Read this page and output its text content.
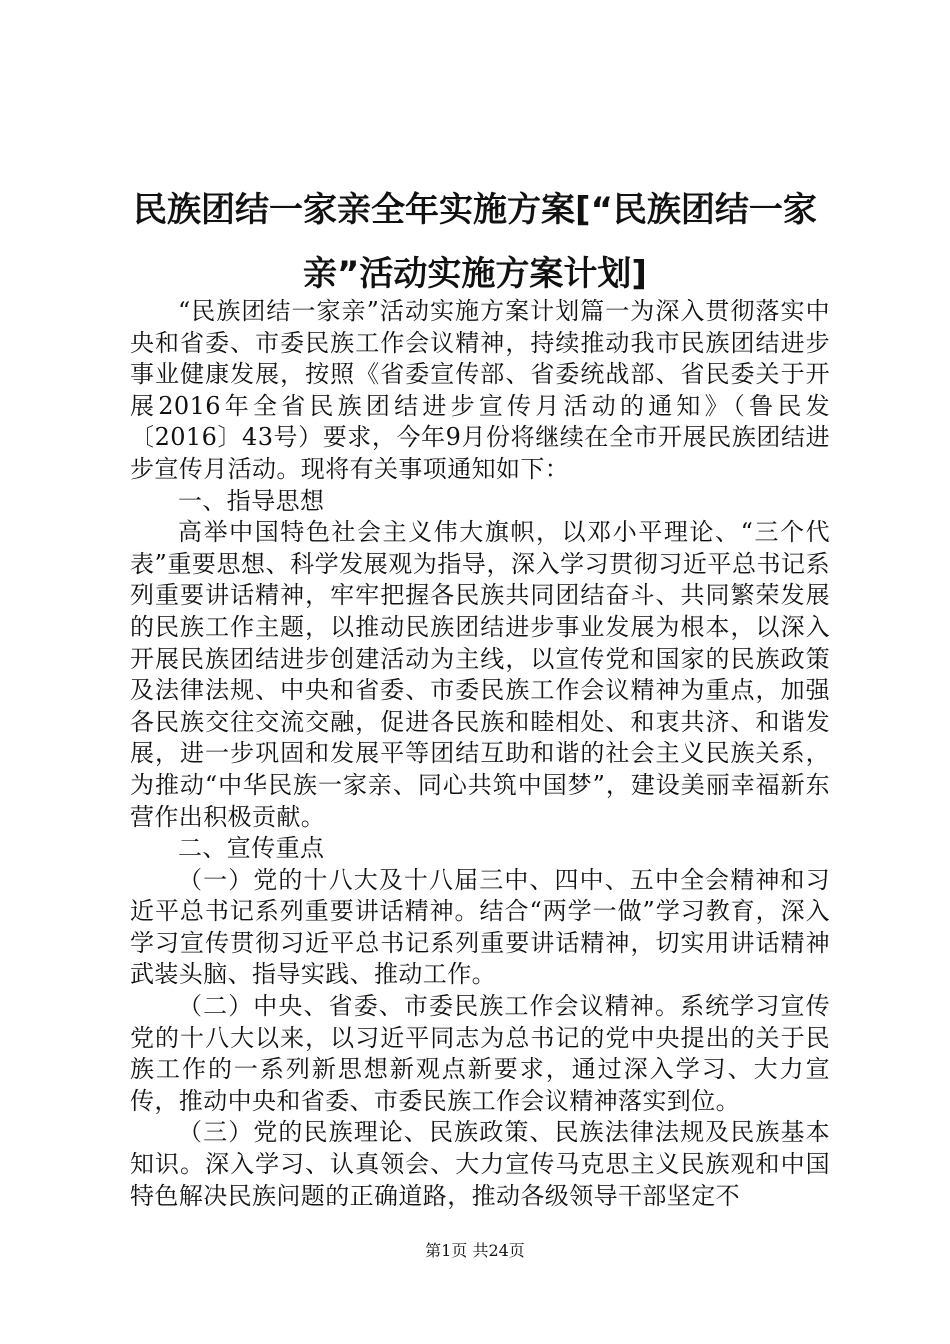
民族团结一家亲全年实施方案[“民族团结一家亲”活动实施方案计划]

“民族团结一家亲”活动实施方案计划篇一为深入贯彻落实中央和省委、市委民族工作会议精神，持续推动我市民族团结进步事业健康发展，按照《省委宣传部、省委统战部、省民委关于开展2016年全省民族团结进步宣传月活动的通知》（鲁民发〔2016〕43号）要求，今年9月份将继续在全市开展民族团结进步宣传月活动。现将有关事项通知如下：

一、指导思想

高举中国特色社会主义伟大旗帜，以邓小平理论、“三个代表”重要思想、科学发展观为指导，深入学习贯彻习近平总书记系列重要讲话精神，牢牢把握各民族共同团结奋斗、共同繁荣发展的民族工作主题，以推动民族团结进步事业发展为根本，以深入开展民族团结进步创建活动为主线，以宣传党和国家的民族政策及法律法规、中央和省委、市委民族工作会议精神为重点，加强各民族交往交流交融，促进各民族和睦相处、和衷共济、和谐发展，进一步巩固和发展平等团结互助和谐的社会主义民族关系，为推动“中华民族一家亲、同心共筑中国梦”，建设美丽幸福新东营作出积极贡献。

二、宣传重点

（一）党的十八大及十八届三中、四中、五中全会精神和习近平总书记系列重要讲话精神。结合“两学一做”学习教育，深入学习宣传贯彻习近平总书记系列重要讲话精神，切实用讲话精神武装头脑、指导实践、推动工作。

（二）中央、省委、市委民族工作会议精神。系统学习宣传党的十八大以来，以习近平同志为总书记的党中央提出的关于民族工作的一系列新思想新观点新要求，通过深入学习、大力宣传，推动中央和省委、市委民族工作会议精神落实到位。

（三）党的民族理论、民族政策、民族法律法规及民族基本知识。深入学习、认真领会、大力宣传马克思主义民族观和中国特色解决民族问题的正确道路，推动各级领导干部坚定不

第1页 共24页
